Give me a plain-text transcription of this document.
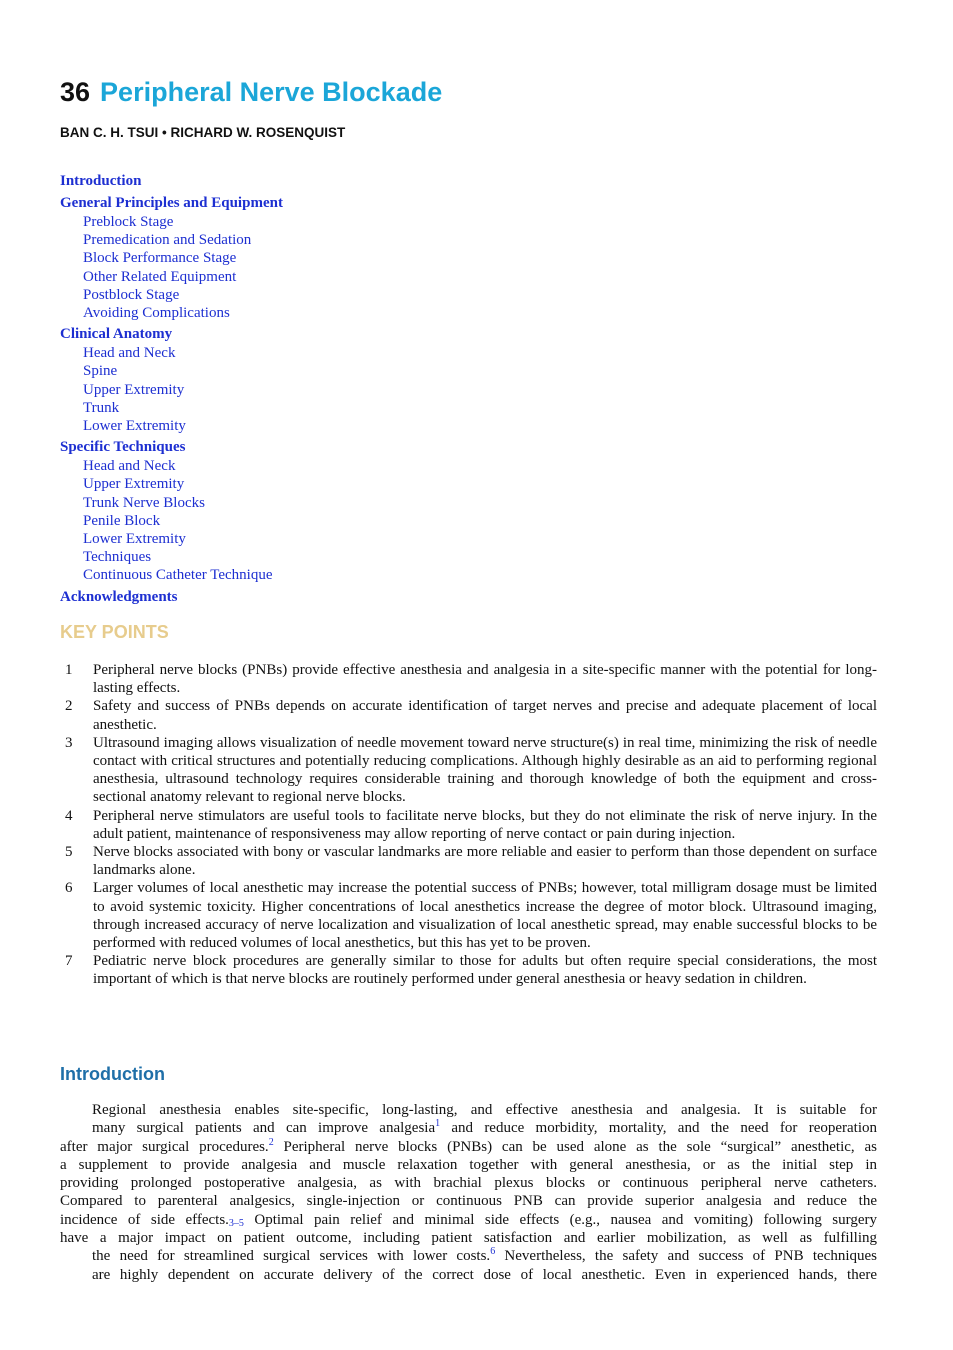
36 Peripheral Nerve Blockade
BAN C. H. TSUI • RICHARD W. ROSENQUIST
Introduction
General Principles and Equipment
Preblock Stage
Premedication and Sedation
Block Performance Stage
Other Related Equipment
Postblock Stage
Avoiding Complications
Clinical Anatomy
Head and Neck
Spine
Upper Extremity
Trunk
Lower Extremity
Specific Techniques
Head and Neck
Upper Extremity
Trunk Nerve Blocks
Penile Block
Lower Extremity
Techniques
Continuous Catheter Technique
Acknowledgments
KEY POINTS
1	Peripheral nerve blocks (PNBs) provide effective anesthesia and analgesia in a site-specific manner with the potential for long-lasting effects.
2	Safety and success of PNBs depends on accurate identification of target nerves and precise and adequate placement of local anesthetic.
3	Ultrasound imaging allows visualization of needle movement toward nerve structure(s) in real time, minimizing the risk of needle contact with critical structures and potentially reducing complications. Although highly desirable as an aid to performing regional anesthesia, ultrasound technology requires considerable training and thorough knowledge of both the equipment and cross-sectional anatomy relevant to regional nerve blocks.
4	Peripheral nerve stimulators are useful tools to facilitate nerve blocks, but they do not eliminate the risk of nerve injury. In the adult patient, maintenance of responsiveness may allow reporting of nerve contact or pain during injection.
5	Nerve blocks associated with bony or vascular landmarks are more reliable and easier to perform than those dependent on surface landmarks alone.
6	Larger volumes of local anesthetic may increase the potential success of PNBs; however, total milligram dosage must be limited to avoid systemic toxicity. Higher concentrations of local anesthetics increase the degree of motor block. Ultrasound imaging, through increased accuracy of nerve localization and visualization of local anesthetic spread, may enable successful blocks to be performed with reduced volumes of local anesthetics, but this has yet to be proven.
7	Pediatric nerve block procedures are generally similar to those for adults but often require special considerations, the most important of which is that nerve blocks are routinely performed under general anesthesia or heavy sedation in children.
Introduction
Regional anesthesia enables site-specific, long-lasting, and effective anesthesia and analgesia. It is suitable for
many surgical patients and can improve analgesia$^1$ and reduce morbidity, mortality, and the need for reoperation
after major surgical procedures.$^2$ Peripheral nerve blocks (PNBs) can be used alone as the sole “surgical” anesthetic, as
a supplement to provide analgesia and muscle relaxation together with general anesthesia, or as the initial step in
providing prolonged postoperative analgesia, as with brachial plexus blocks or continuous peripheral nerve catheters.
Compared to parenteral analgesics, single-injection or continuous PNB can provide superior analgesia and reduce the
incidence of side $effects._{3-5}$ Optimal pain relief and minimal side effects (e.g., nausea and vomiting) following surgery
have a major impact on patient outcome, including patient satisfaction and earlier mobilization, as well as fulfilling
the need for streamlined surgical services with lower costs.$^6$ Nevertheless, the safety and success of PNB techniques
are highly dependent on accurate delivery of the correct dose of local anesthetic. Even in experienced hands, there
